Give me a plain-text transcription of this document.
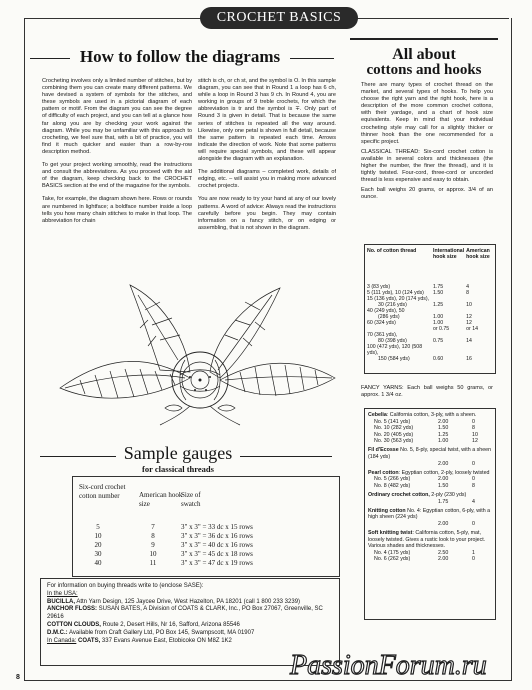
CROCHET BASICS
How to follow the diagrams

Crocheting involves only a limited number of stitches, but by combining them you can create many different patterns. We have devised a system of symbols for the stitches, and these symbols are used in a pictorial diagram of each pattern or motif. From the diagram you can see the degree of difficulty of each project, and you can tell at a glance how far along you are by checking your work against the diagram. While you may be unfamiliar with this approach to crocheting, we feel sure that, with a bit of practice, you will find it much quicker and easier than a row-by-row description method.

To get your project working smoothly, read the instructions and consult the abbreviations. As you proceed with the aid of the diagram, keep checking back to the CROCHET BASICS section at the end of the magazine for the symbols.

Take, for example, the diagram shown here. Rows or rounds are numbered in lightface; a boldface number inside a loop tells you how many chain stitches to make in that loop. The abbreviation for chain

stitch is ch, or ch st, and the symbol is O. In this sample diagram, you can see that in Round 1 a loop has 6 ch, while a loop in Round 3 has 9 ch. In Round 4, you are working in groups of 9 treble crochets, for which the abbreviation is tr and the symbol is ∓. Only part of Round 3 is given in detail. That is because the same series of stitches is repeated all the way around. Likewise, only one petal is shown in full detail, because the same pattern is repeated each time. Arrows indicate the direction of work. Note that some patterns will require special symbols, and these will appear alongside the diagram with an explanation.

The additional diagrams – completed work, details of edging, etc. – will assist you in making more advanced crochet projects.

You are now ready to try your hand at any of our lovely patterns. A word of advice: Always read the instructions carefully before you begin. They may contain information on a fancy stitch, or on edging or assembling, that is not shown in the diagram.

Sample gauges
for classical threads
Six-cord crochet cotton number	American hook size
Size of swatch
5	7	3" x 3" = 33 dc x 15 rows
10	8	3" x 3" = 36 dc x 16 rows
20	9	3" x 3" = 40 dc x 16 rows
30	10	3" x 3" = 45 dc x 18 rows
40	11	3" x 3" = 47 dc x 19 rows
For information on buying threads write to (enclose SASE):
In the USA:
BUCILLA, Attn Yarn Design, 125 Jaycee Drive, West Hazelton, PA 18201 (call 1 800 233 3239)
ANCHOR FLOSS: SUSAN BATES, A Division of COATS & CLARK, Inc., PO Box 27067, Greenville, SC 29616
COTTON CLOUDS, Route 2, Desert Hills, Nr 16, Safford, Arizona 85546
D.M.C.: Available from Craft Gallery Ltd, PO Box 145, Swampscott, MA 01907
In Canada: COATS, 337 Evans Avenue East, Etobicoke ON M8Z 1K2
All about
cottons and hooks

There are many types of crochet thread on the market, and several types of hooks. To help you choose the right yarn and the right hook, here is a description of the more common crochet cottons, with their yardage, and a chart of hook size equivalents. Keep in mind that your individual crocheting style may call for a slightly thicker or thinner hook than the one recommended for a specific project.

CLASSICAL THREAD: Six-cord crochet cotton is available in several colors and thicknesses (the higher the number, the finer the thread), and it is tightly twisted. Four-cord, three-cord or uncorded thread is less expensive and easy to obtain.

Each ball weighs 20 grams, or approx. 3/4 of an ounce.

No. of cotton thread	International hook size	American hook size
3 (83 yds)	1.75	4
5 (111 yds), 10 (124 yds)	1.50	8
15 (136 yds), 20 (174 yds),		
30 (216 yds)	1.25	10
40 (249 yds), 50		
(286 yds)	1.00	12
60 (324 yds)	1.00	12
	or 0.75	or 14
70 (361 yds),		
80 (398 yds)	0.75	14
100 (472 yds), 120 (508 yds),		
150 (584 yds)	0.60	16

FANCY YARNS: Each ball weighs 50 grams, or approx. 1 3/4 oz.

Cebelia: California cotton, 3-ply, with a sheen.
No. 5 (141 yds)	2.00	0
No. 10 (282 yds)	1.50	8
No. 20 (405 yds)	1.25	10
No. 30 (563 yds)	1.00	12
Fil d'Ecosse No. 5, 8-ply, special twist, with a sheen (184 yds)
2.00	0
Pearl cotton: Egyptian cotton, 2-ply, loosely twisted
No. 5 (266 yds)	2.00	0
No. 8 (482 yds)	1.50	8
Ordinary crochet cotton, 2-ply (230 yds)
1.75	4
Knitting cotton No. 4: Egyptian cotton, 6-ply, with a high sheen (224 yds)
2.00	0
Soft knitting twist: California cotton, 5-ply, mat, loosely twisted. Gives a rustic look to your project. Various shades and thicknesses.
No. 4 (175 yds)	2.50	1
No. 6 (262 yds)	2.00	0
8	PassionForum.ru
